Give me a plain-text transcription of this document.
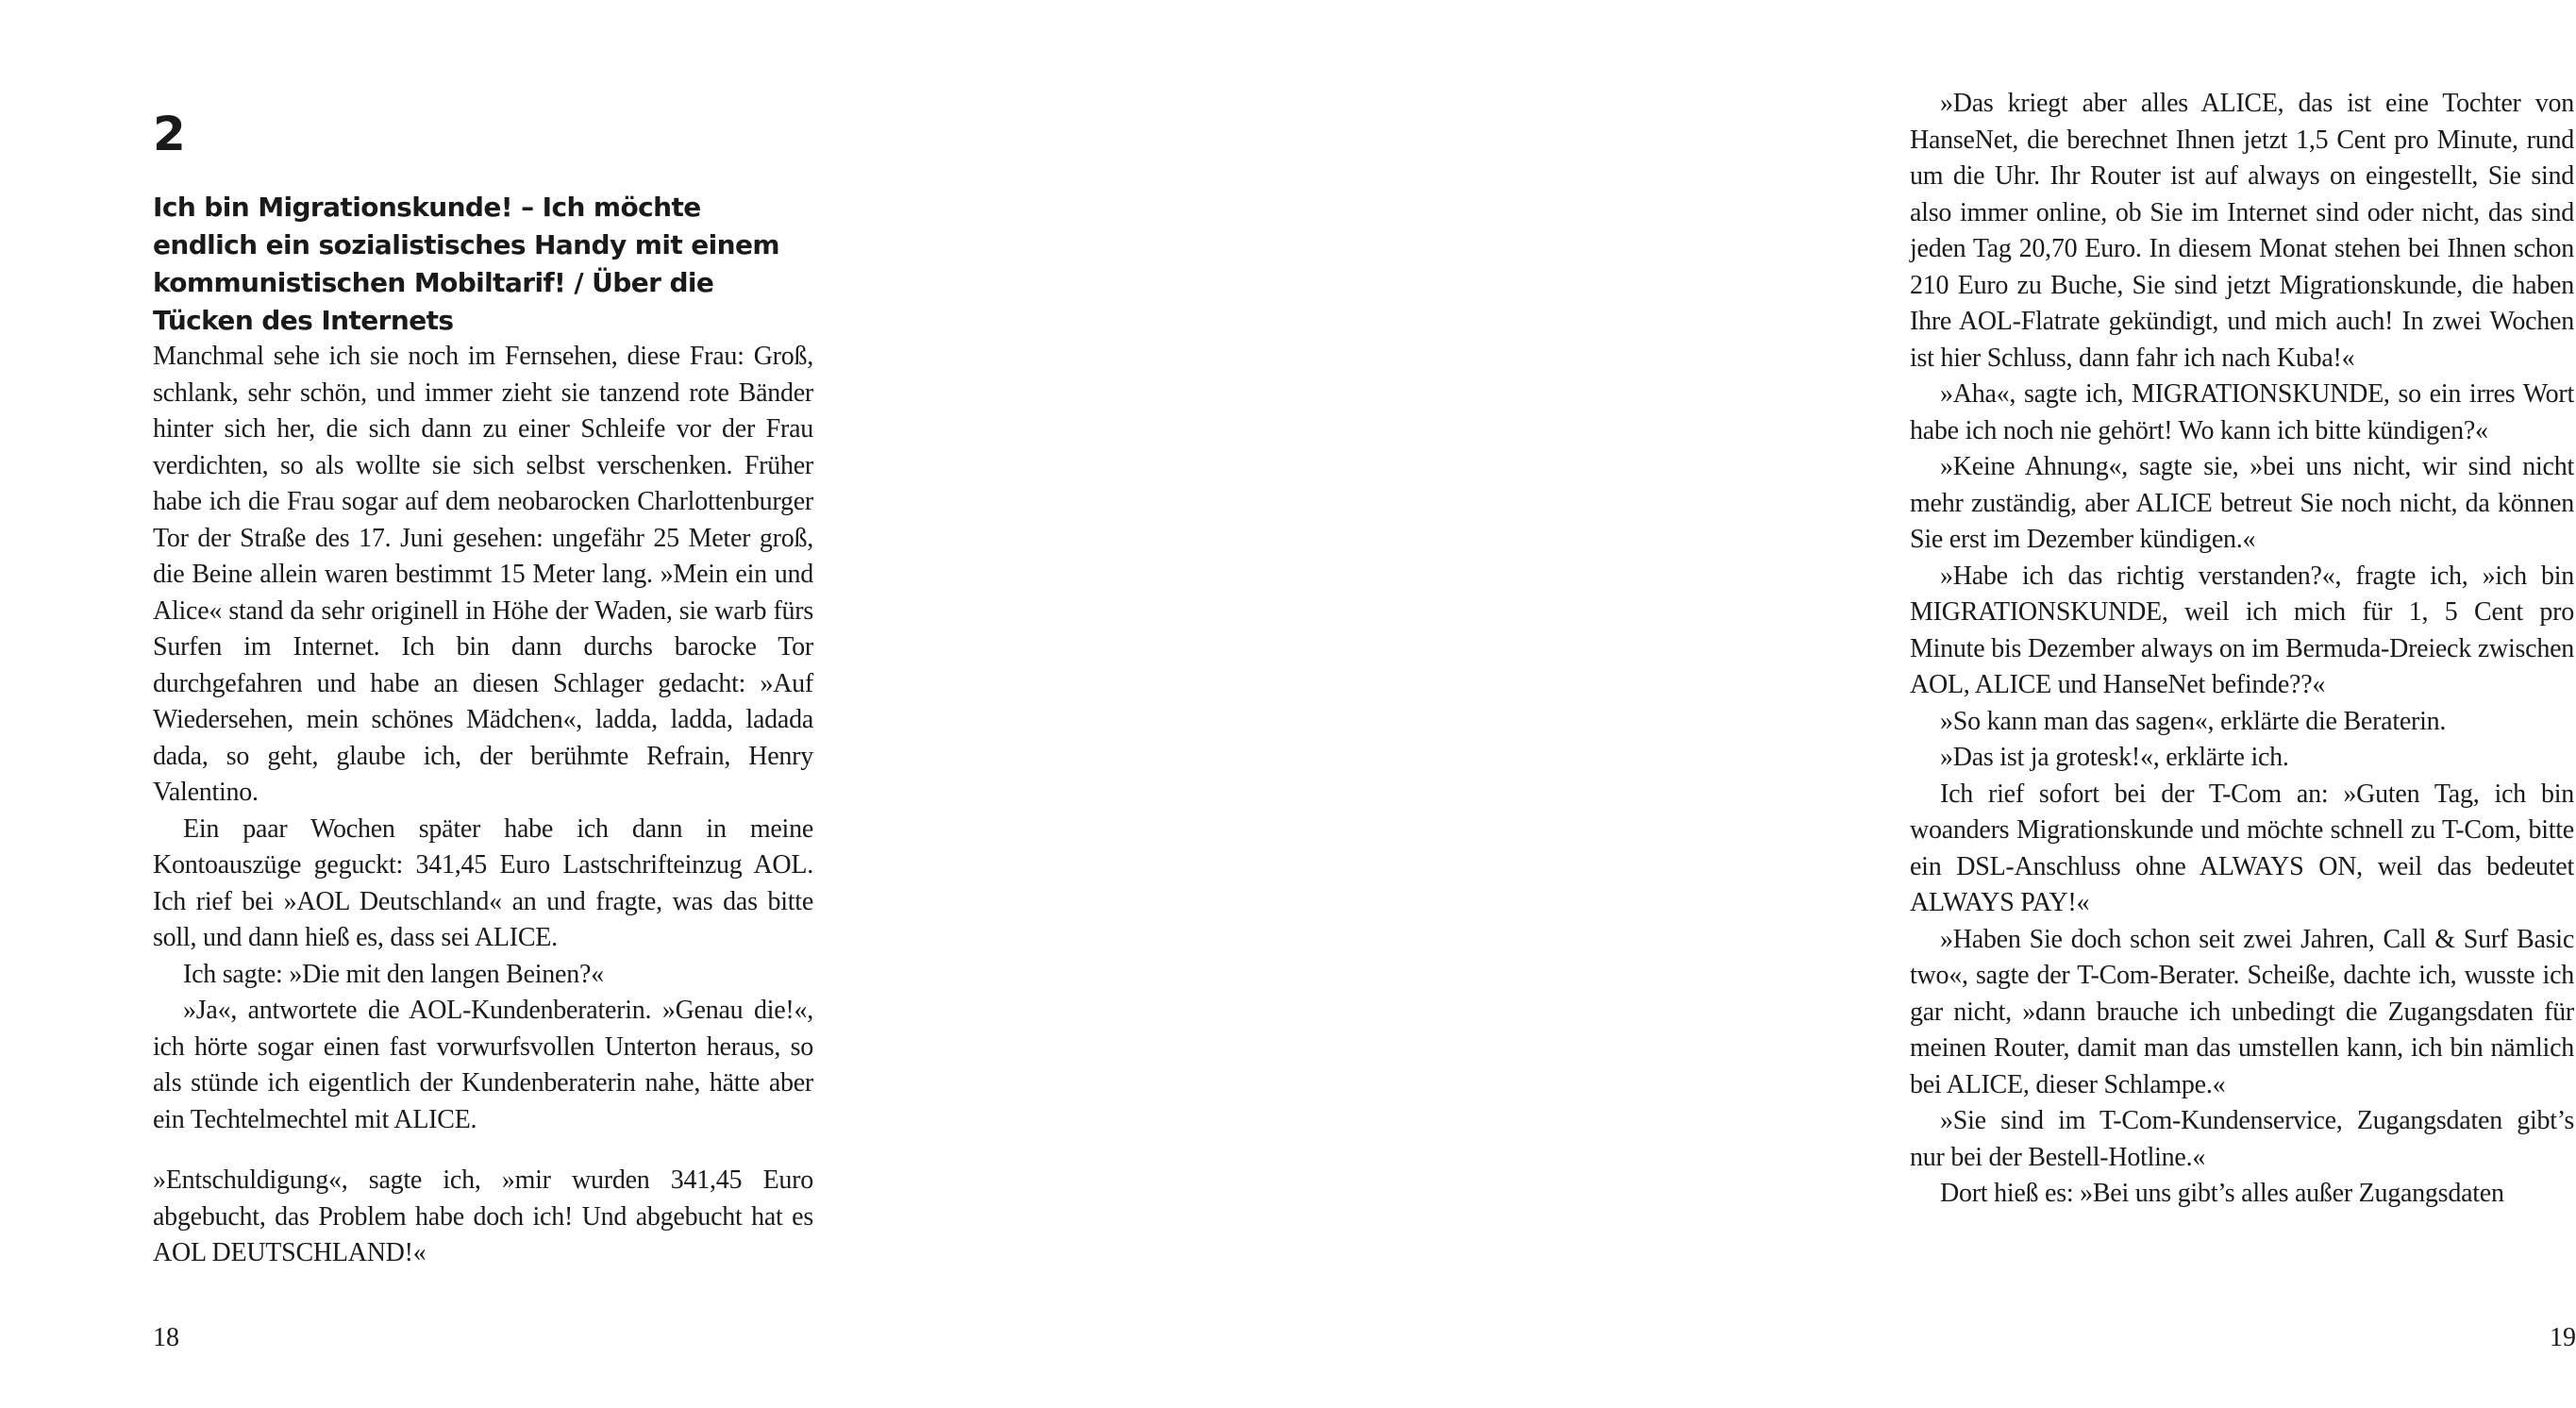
2
Ich bin Migrationskunde! – Ich möchte endlich ein sozialistisches Handy mit einem kommunistischen Mobiltarif! / Über die Tücken des Internets

Manchmal sehe ich sie noch im Fernsehen, diese Frau: Groß, schlank, sehr schön, und immer zieht sie tanzend rote Bänder hinter sich her, die sich dann zu einer Schleife vor der Frau verdichten, so als wollte sie sich selbst verschenken. Früher habe ich die Frau sogar auf dem neobarocken Charlottenburger Tor der Straße des 17. Juni gesehen: ungefähr 25 Meter groß, die Beine allein waren bestimmt 15 Meter lang. »Mein ein und Alice« stand da sehr originell in Höhe der Waden, sie warb fürs Surfen im Internet. Ich bin dann durchs barocke Tor durchgefahren und habe an diesen Schlager gedacht: »Auf Wiedersehen, mein schönes Mädchen«, ladda, ladda, ladada dada, so geht, glaube ich, der berühmte Refrain, Henry Valentino.

Ein paar Wochen später habe ich dann in meine Kontoauszüge geguckt: 341,45 Euro Lastschrifteinzug AOL. Ich rief bei »AOL Deutschland« an und fragte, was das bitte soll, und dann hieß es, dass sei ALICE.

Ich sagte: »Die mit den langen Beinen?«

»Ja«, antwortete die AOL-Kundenberaterin. »Genau die!«, ich hörte sogar einen fast vorwurfsvollen Unterton heraus, so als stünde ich eigentlich der Kundenberaterin nahe, hätte aber ein Techtelmechtel mit ALICE.

»Entschuldigung«, sagte ich, »mir wurden 341,45 Euro abgebucht, das Problem habe doch ich! Und abgebucht hat es AOL DEUTSCHLAND!«

18

»Das kriegt aber alles ALICE, das ist eine Tochter von HanseNet, die berechnet Ihnen jetzt 1,5 Cent pro Minute, rund um die Uhr. Ihr Router ist auf always on eingestellt, Sie sind also immer online, ob Sie im Internet sind oder nicht, das sind jeden Tag 20,70 Euro. In diesem Monat stehen bei Ihnen schon 210 Euro zu Buche, Sie sind jetzt Migrationskunde, die haben Ihre AOL-Flatrate gekündigt, und mich auch! In zwei Wochen ist hier Schluss, dann fahr ich nach Kuba!«

»Aha«, sagte ich, MIGRATIONSKUNDE, so ein irres Wort habe ich noch nie gehört! Wo kann ich bitte kündigen?«

»Keine Ahnung«, sagte sie, »bei uns nicht, wir sind nicht mehr zuständig, aber ALICE betreut Sie noch nicht, da können Sie erst im Dezember kündigen.«

»Habe ich das richtig verstanden?«, fragte ich, »ich bin MIGRATIONSKUNDE, weil ich mich für 1, 5 Cent pro Minute bis Dezember always on im Bermuda-Dreieck zwischen AOL, ALICE und HanseNet befinde??«

»So kann man das sagen«, erklärte die Beraterin.

»Das ist ja grotesk!«, erklärte ich.

Ich rief sofort bei der T-Com an: »Guten Tag, ich bin woanders Migrationskunde und möchte schnell zu T-Com, bitte ein DSL-Anschluss ohne ALWAYS ON, weil das bedeutet ALWAYS PAY!«

»Haben Sie doch schon seit zwei Jahren, Call & Surf Basic two«, sagte der T-Com-Berater. Scheiße, dachte ich, wusste ich gar nicht, »dann brauche ich unbedingt die Zugangsdaten für meinen Router, damit man das umstellen kann, ich bin nämlich bei ALICE, dieser Schlampe.«

»Sie sind im T-Com-Kundenservice, Zugangsdaten gibt’s nur bei der Bestell-Hotline.«

Dort hieß es: »Bei uns gibt’s alles außer Zugangsdaten

19
